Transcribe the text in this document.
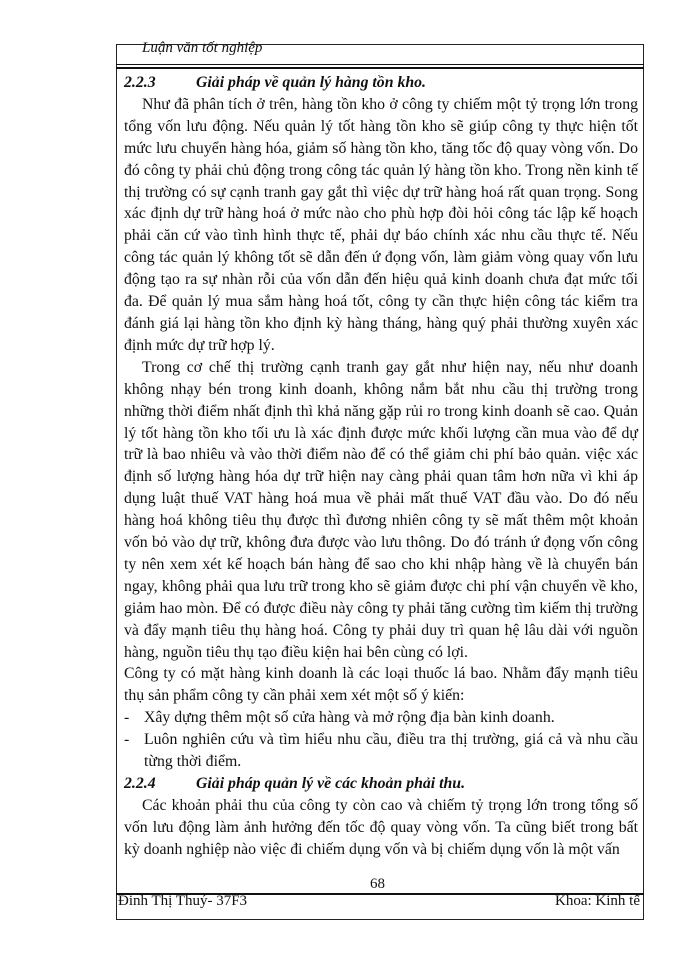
Luận văn tốt nghiệp

2.2.3	Giải pháp về quản lý hàng tồn kho.

Như đã phân tích ở trên, hàng tồn kho ở công ty chiếm một tỷ trọng lớn trong tổng vốn lưu động. Nếu quản lý tốt hàng tồn kho sẽ giúp công ty thực hiện tốt mức lưu chuyển hàng hóa, giảm số hàng tồn kho, tăng tốc độ quay vòng vốn. Do đó công ty phải chủ động trong công tác quản lý hàng tồn kho. Trong nền kinh tế thị trường có sự cạnh tranh gay gắt thì việc dự trữ hàng hoá rất quan trọng. Song xác định dự trữ hàng hoá ở mức nào cho phù hợp đòi hỏi công tác lập kế hoạch phải căn cứ vào tình hình thực tế, phải dự báo chính xác nhu cầu thực tế. Nếu công tác quản lý không tốt sẽ dẫn đến ứ đọng vốn, làm giảm vòng quay vốn lưu động tạo ra sự nhàn rỗi của vốn dẫn đến hiệu quả kinh doanh chưa đạt mức tối đa. Để quản lý mua sắm hàng hoá tốt, công ty cần thực hiện công tác kiểm tra đánh giá lại hàng tồn kho định kỳ hàng tháng, hàng quý phải thường xuyên xác định mức dự trữ hợp lý.

Trong cơ chế thị trường cạnh tranh gay gắt như hiện nay, nếu như doanh không nhạy bén trong kinh doanh, không nắm bắt nhu cầu thị trường trong những thời điểm nhất định thì khả năng gặp rủi ro trong kinh doanh sẽ cao. Quản lý tốt hàng tồn kho tối ưu là xác định được mức khối lượng cần mua vào để dự trữ là bao nhiêu và vào thời điểm nào để có thể giảm chi phí bảo quản. việc xác định số lượng hàng hóa dự trữ hiện nay càng phải quan tâm hơn nữa vì khi áp dụng luật thuế VAT hàng hoá mua về phải mất thuế VAT đầu vào. Do đó nếu hàng hoá không tiêu thụ được thì đương nhiên công ty sẽ mất thêm một khoản vốn bỏ vào dự trữ, không đưa được vào lưu thông. Do đó tránh ứ đọng vốn công ty nên xem xét kế hoạch bán hàng để sao cho khi nhập hàng về là chuyển bán ngay, không phải qua lưu trữ trong kho sẽ giảm được chi phí vận chuyển về kho, giảm hao mòn. Để có được điều này công ty phải tăng cường tìm kiếm thị trường và đẩy mạnh tiêu thụ hàng hoá. Công ty phải duy trì quan hệ lâu dài với nguồn hàng, nguồn tiêu thụ tạo điều kiện hai bên cùng có lợi.

Công ty có mặt hàng kinh doanh là các loại thuốc lá bao. Nhằm đẩy mạnh tiêu thụ sản phẩm công ty cần phải xem xét một số ý kiến:

- Xây dựng thêm một số cửa hàng và mở rộng địa bàn kinh doanh.
- Luôn nghiên cứu và tìm hiểu nhu cầu, điều tra thị trường, giá cả và nhu cầu từng thời điểm.

2.2.4	Giải pháp quản lý về các khoản phải thu.

Các khoản phải thu của công ty còn cao và chiếm tỷ trọng lớn trong tổng số vốn lưu động làm ảnh hưởng đến tốc độ quay vòng vốn. Ta cũng biết trong bất kỳ doanh nghiệp nào việc đi chiếm dụng vốn và bị chiếm dụng vốn là một vấn

68
Đinh Thị Thuý- 37F3	Khoa: Kinh tế
